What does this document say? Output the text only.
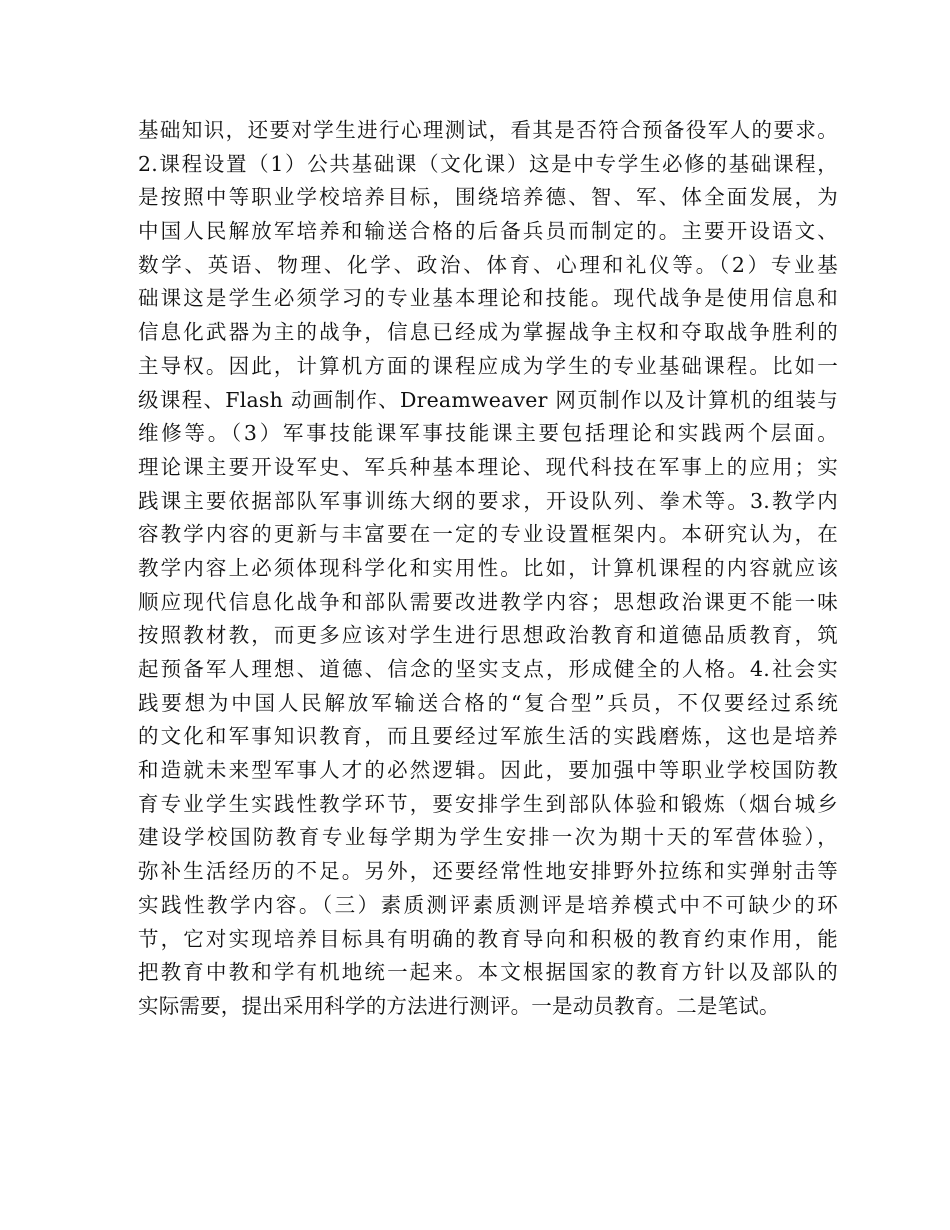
基础知识，还要对学生进行心理测试，看其是否符合预备役军人的要求。
2.课程设置（1）公共基础课（文化课）这是中专学生必修的基础课程，
是按照中等职业学校培养目标，围绕培养德、智、军、体全面发展，为
中国人民解放军培养和输送合格的后备兵员而制定的。主要开设语文、
数学、英语、物理、化学、政治、体育、心理和礼仪等。（2）专业基
础课这是学生必须学习的专业基本理论和技能。现代战争是使用信息和
信息化武器为主的战争，信息已经成为掌握战争主权和夺取战争胜利的
主导权。因此，计算机方面的课程应成为学生的专业基础课程。比如一
级课程、Flash 动画制作、Dreamweaver 网页制作以及计算机的组装与
维修等。（3）军事技能课军事技能课主要包括理论和实践两个层面。
理论课主要开设军史、军兵种基本理论、现代科技在军事上的应用；实
践课主要依据部队军事训练大纲的要求，开设队列、拳术等。3.教学内
容教学内容的更新与丰富要在一定的专业设置框架内。本研究认为，在
教学内容上必须体现科学化和实用性。比如，计算机课程的内容就应该
顺应现代信息化战争和部队需要改进教学内容；思想政治课更不能一味
按照教材教，而更多应该对学生进行思想政治教育和道德品质教育，筑
起预备军人理想、道德、信念的坚实支点，形成健全的人格。4.社会实
践要想为中国人民解放军输送合格的“复合型”兵员，不仅要经过系统
的文化和军事知识教育，而且要经过军旅生活的实践磨炼，这也是培养
和造就未来型军事人才的必然逻辑。因此，要加强中等职业学校国防教
育专业学生实践性教学环节，要安排学生到部队体验和锻炼（烟台城乡
建设学校国防教育专业每学期为学生安排一次为期十天的军营体验），
弥补生活经历的不足。另外，还要经常性地安排野外拉练和实弹射击等
实践性教学内容。（三）素质测评素质测评是培养模式中不可缺少的环
节，它对实现培养目标具有明确的教育导向和积极的教育约束作用，能
把教育中教和学有机地统一起来。本文根据国家的教育方针以及部队的
实际需要，提出采用科学的方法进行测评。一是动员教育。二是笔试。
